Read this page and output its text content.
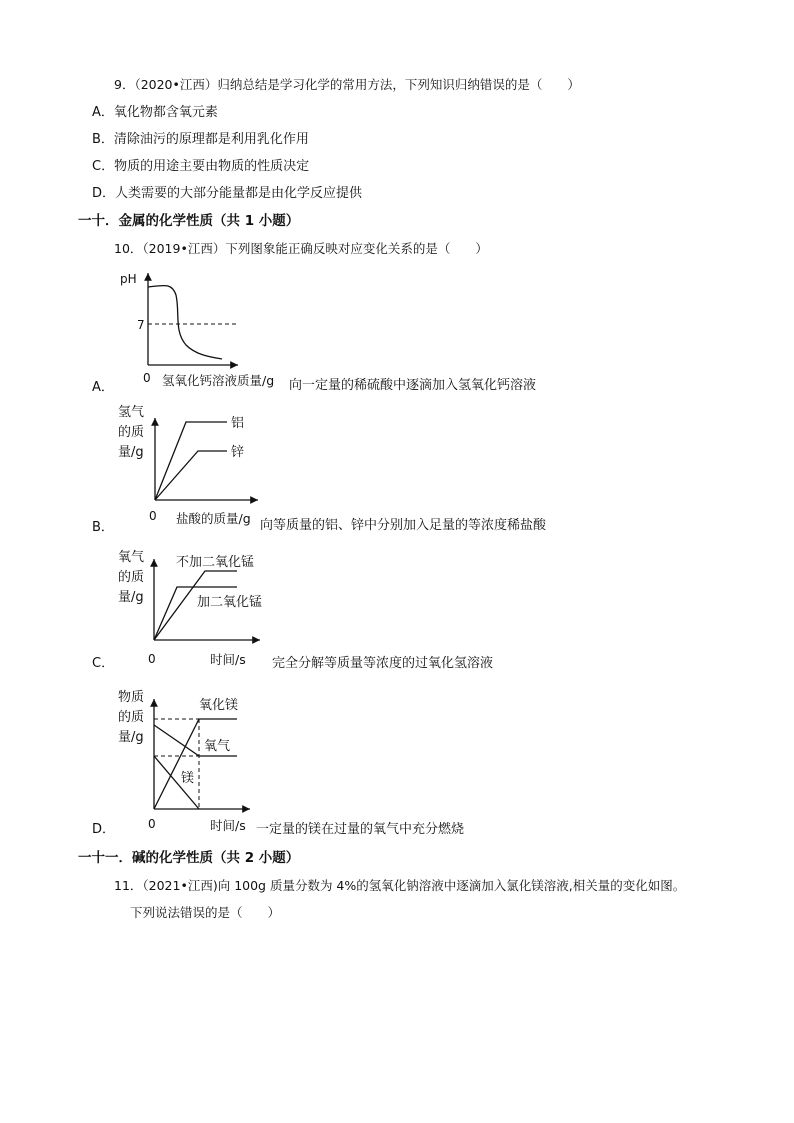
9．（2020•江西）归纳总结是学习化学的常用方法，下列知识归纳错误的是（　　）
A．氧化物都含氧元素
B．清除油污的原理都是利用乳化作用
C．物质的用途主要由物质的性质决定
D．人类需要的大部分能量都是由化学反应提供
一十．金属的化学性质（共 1 小题）
10．（2019•江西）下列图象能正确反映对应变化关系的是（　　）
A．
pH
7
0 氢氧化钙溶液质量/g 向一定量的稀硫酸中逐滴加入氢氧化钙溶液
B．
氢气
的质
量/g
铝
锌
0 盐酸的质量/g 向等质量的铝、锌中分别加入足量的等浓度稀盐酸
C．
氧气
的质
量/g
不加二氧化锰
加二氧化锰
0	时间/s 完全分解等质量等浓度的过氧化氢溶液
D．
物质
的质
量/g
氧化镁
氧气
镁
0	时间/s 一定量的镁在过量的氧气中充分燃烧
一十一．碱的化学性质（共 2 小题）
11．（2021•江西)向 100g 质量分数为 4%的氢氧化钠溶液中逐滴加入氯化镁溶液,相关量的变化如图。
下列说法错误的是（　　）
